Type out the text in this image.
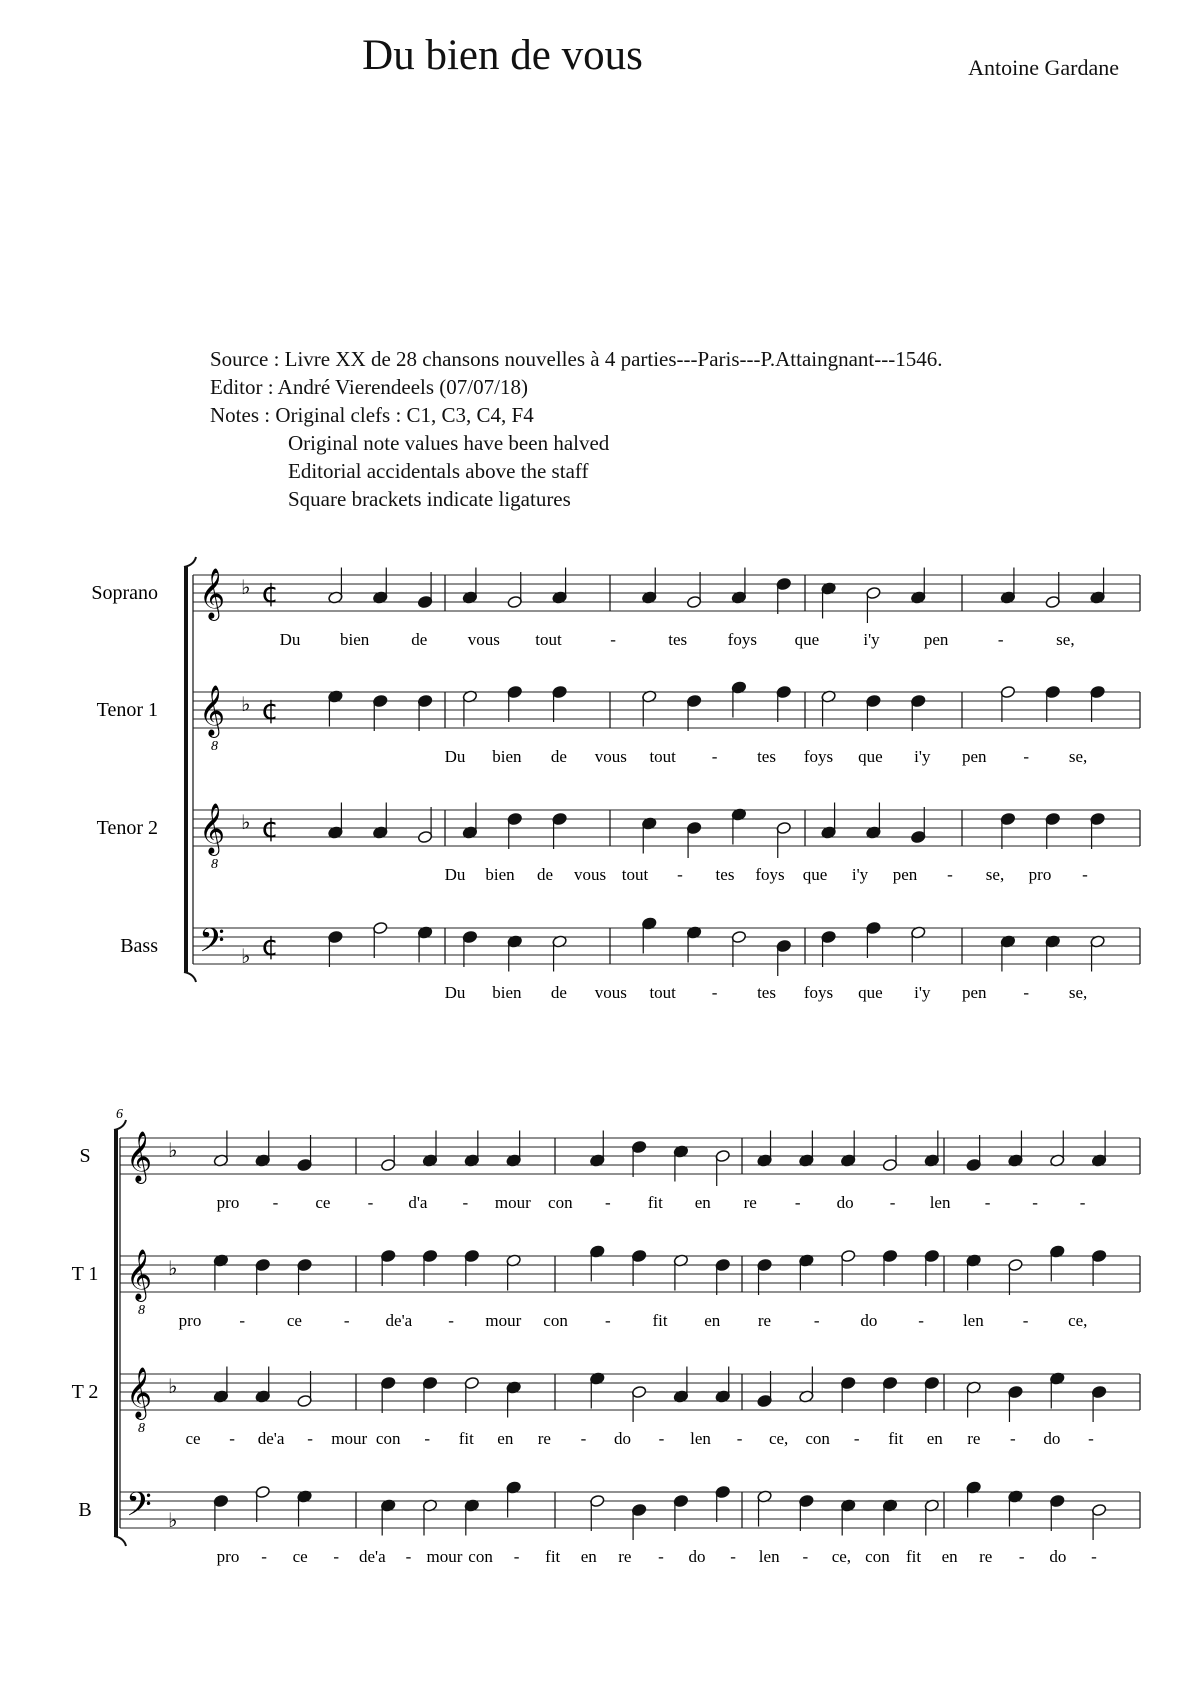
Du bien de vous	Antoine Gardane
Source : Livre XX de 28 chansons nouvelles à 4 parties---Paris---P.Attaingnant---1546.
Editor : André Vierendeels (07/07/18)
Notes : Original clefs : C1, C3, C4, F4
Original note values have been halved
Editorial accidentals above the staff
Square brackets indicate ligatures
Soprano 𝄞 ♭ ¢
Du bien de vous tout	-	tes foys que	i'y	pen	-	se,
Tenor 1 𝄞
8
♭ ¢
Du bien de vous tout - tes foys que i'y pen - se,
Tenor 2 𝄞
8
♭ ¢
Du bien de vous tout - tes foys que i'y pen - se, pro -
Bass 𝄢 ♭ ¢
Du bien de vous tout - tes foys que i'y pen - se,
6
S 𝄞 ♭
pro - ce - d'a - mour con - fit en re - do - len - - -
T 1 𝄞
8
♭
pro - ce - de'a - mour con - fit en re	- do - len - ce,
T 2 𝄞
8
♭
ce - de'a - mour con - fit en re - do - len - ce, con - fit en re - do -
B 𝄢 ♭
pro - ce - de'a - mour con - fit en re - do - len - ce, con fit en re - do -
